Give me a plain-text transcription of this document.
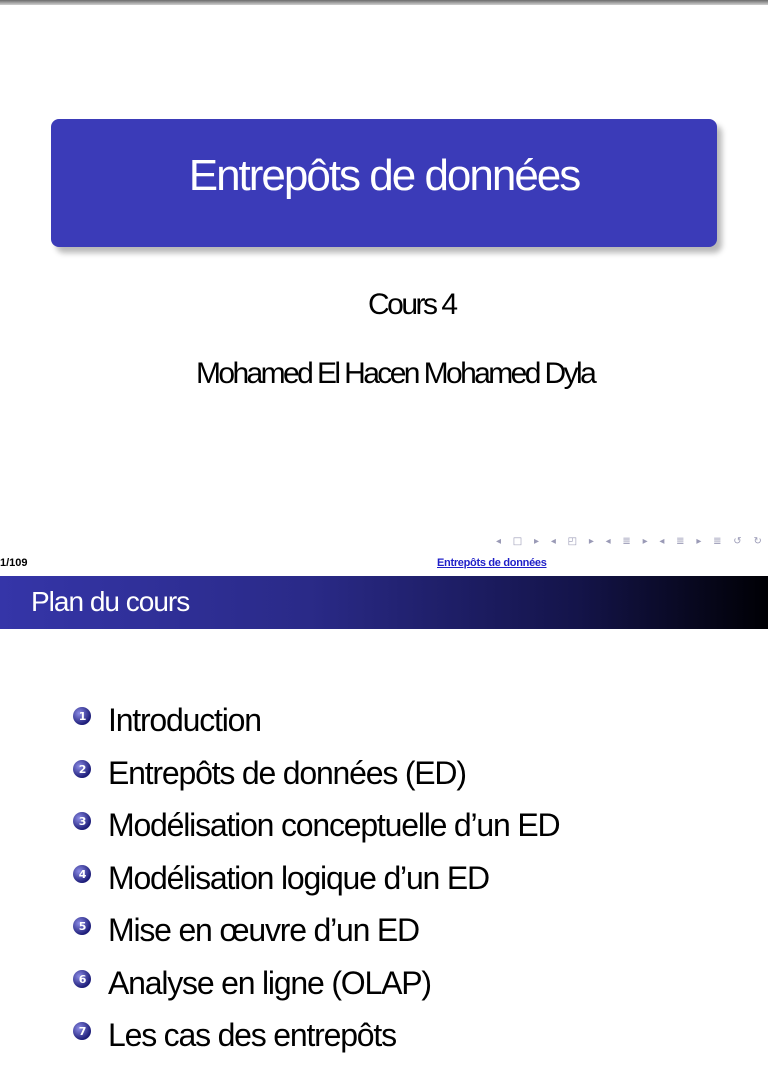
Entrepôts de données
Cours 4
Mohamed El Hacen Mohamed Dyla
◂ □ ▸ ◂ ◰ ▸ ◂ ≣ ▸ ◂ ≣ ▸ ≣ ↺ ↻
1/109	Entrepôts de données
Plan du cours
1 Introduction
2 Entrepôts de données (ED)
3 Modélisation conceptuelle d’un ED
4 Modélisation logique d’un ED
5 Mise en œuvre d’un ED
6 Analyse en ligne (OLAP)
7 Les cas des entrepôts
